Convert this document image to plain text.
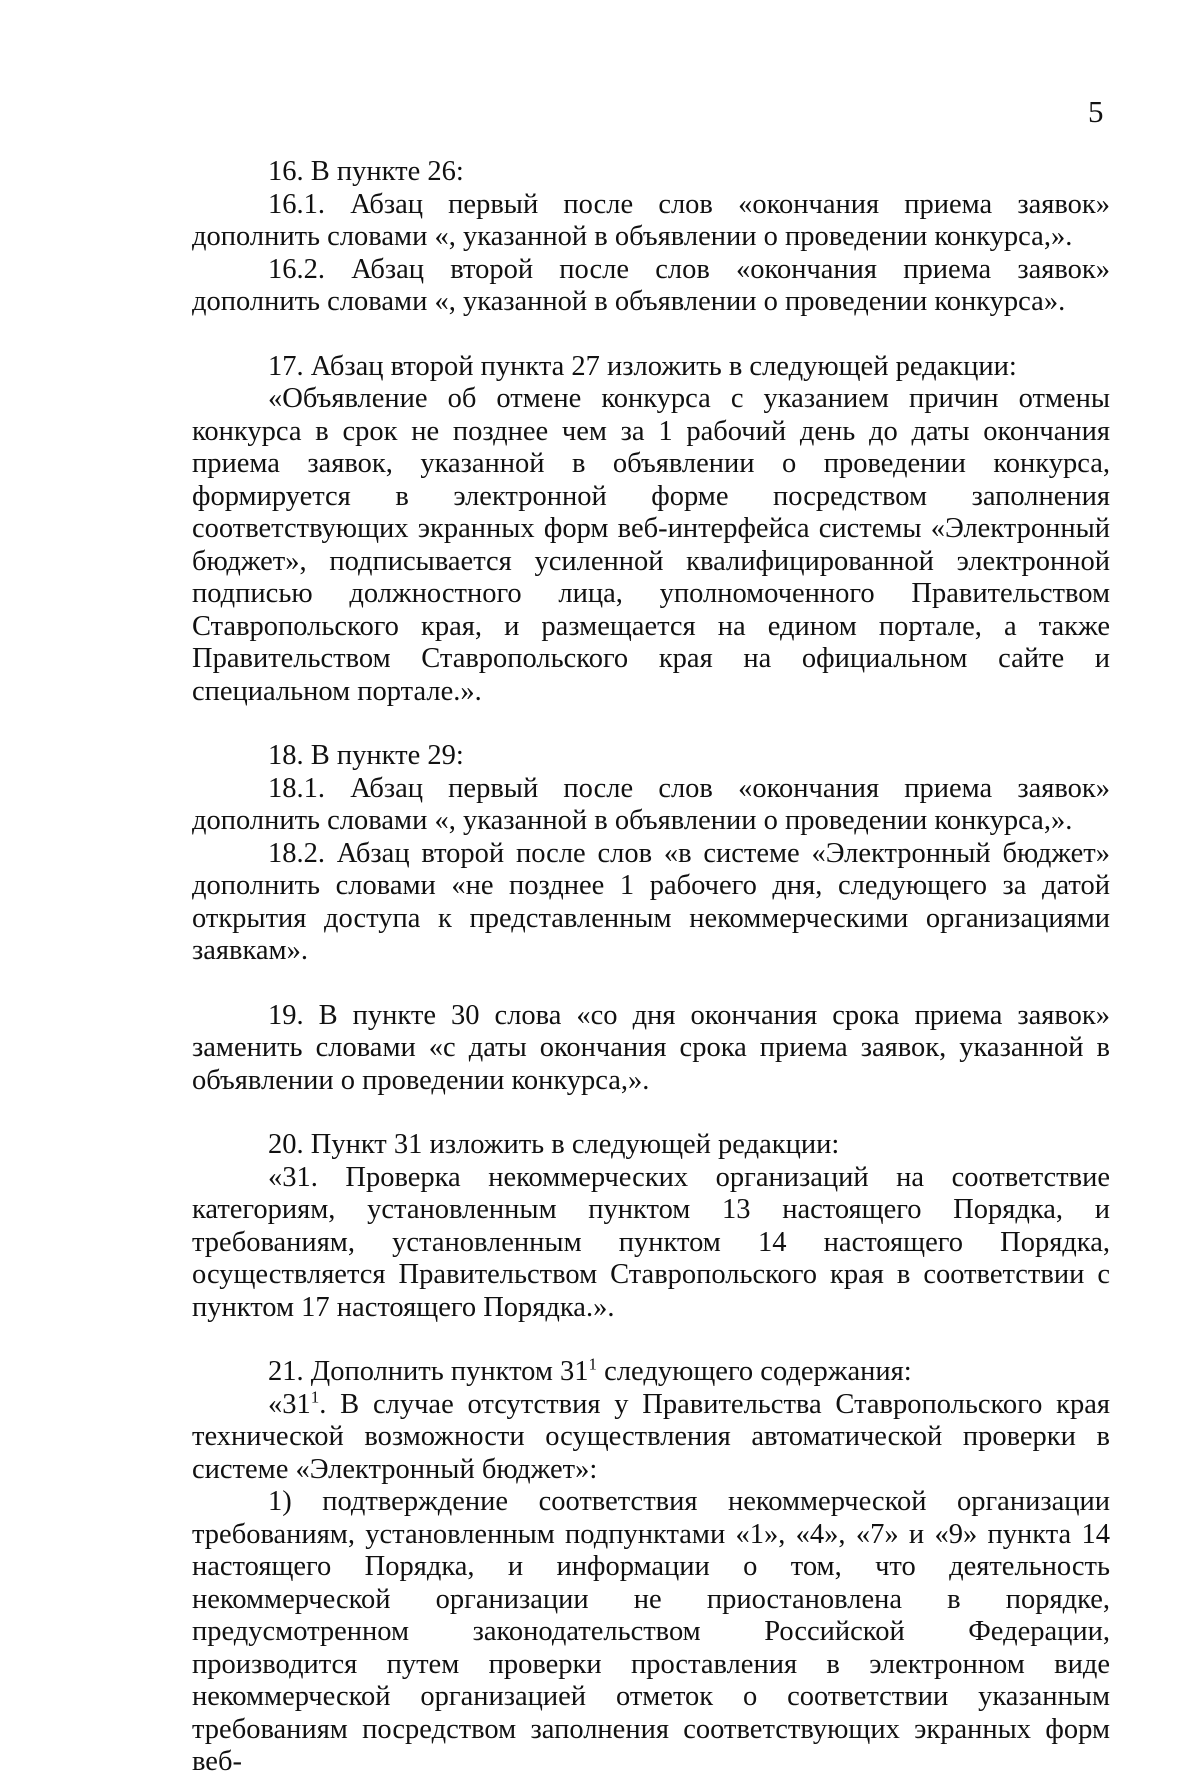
5

16. В пункте 26:

16.1. Абзац первый после слов «окончания приема заявок» дополнить словами «, указанной в объявлении о проведении конкурса,».

16.2. Абзац второй после слов «окончания приема заявок» дополнить словами «, указанной в объявлении о проведении конкурса».

17. Абзац второй пункта 27 изложить в следующей редакции:

«Объявление об отмене конкурса с указанием причин отмены конкурса в срок не позднее чем за 1 рабочий день до даты окончания приема заявок, указанной в объявлении о проведении конкурса, формируется в электронной форме посредством заполнения соответствующих экранных форм веб-интерфейса системы «Электронный бюджет», подписывается усиленной квалифицированной электронной подписью должностного лица, уполномоченного Правительством Ставропольского края, и размещается на едином портале, а также Правительством Ставропольского края на официальном сайте и специальном портале.».

18. В пункте 29:

18.1. Абзац первый после слов «окончания приема заявок» дополнить словами «, указанной в объявлении о проведении конкурса,».

18.2. Абзац второй после слов «в системе «Электронный бюджет» дополнить словами «не позднее 1 рабочего дня, следующего за датой открытия доступа к представленным некоммерческими организациями заявкам».

19. В пункте 30 слова «со дня окончания срока приема заявок» заменить словами «с даты окончания срока приема заявок, указанной в объявлении о проведении конкурса,».

20. Пункт 31 изложить в следующей редакции:

«31. Проверка некоммерческих организаций на соответствие категориям, установленным пунктом 13 настоящего Порядка, и требованиям, установленным пунктом 14 настоящего Порядка, осуществляется Правительством Ставропольского края в соответствии с пунктом 17 настоящего Порядка.».

21. Дополнить пунктом $31^1$ следующего содержания:

«$31^1$. В случае отсутствия у Правительства Ставропольского края технической возможности осуществления автоматической проверки в системе «Электронный бюджет»:

1) подтверждение соответствия некоммерческой организации требованиям, установленным подпунктами «1», «4», «7» и «9» пункта 14 настоящего Порядка, и информации о том, что деятельность некоммерческой организации не приостановлена в порядке, предусмотренном законодательством Российской Федерации, производится путем проверки проставления в электронном виде некоммерческой организацией отметок о соответствии указанным требованиям посредством заполнения соответствующих экранных форм веб-
